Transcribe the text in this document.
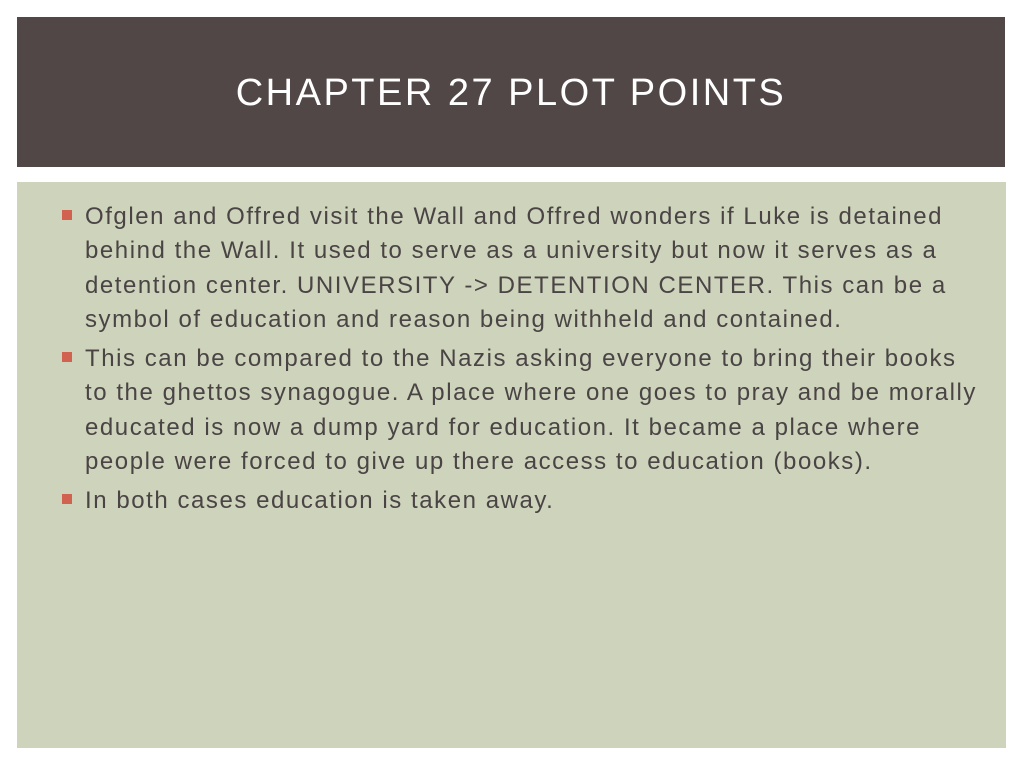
CHAPTER 27 PLOT POINTS
Ofglen and Offred visit the Wall and Offred wonders if Luke is detained behind the Wall. It used to serve as a university but now it serves as a detention center. UNIVERSITY -> DETENTION CENTER. This can be a symbol of education and reason being withheld and contained.
This can be compared to the Nazis asking everyone to bring their books to the ghettos synagogue. A place where one goes to pray and be morally educated is now a dump yard for education. It became a place where people were forced to give up there access to education (books).
In both cases education is taken away.
